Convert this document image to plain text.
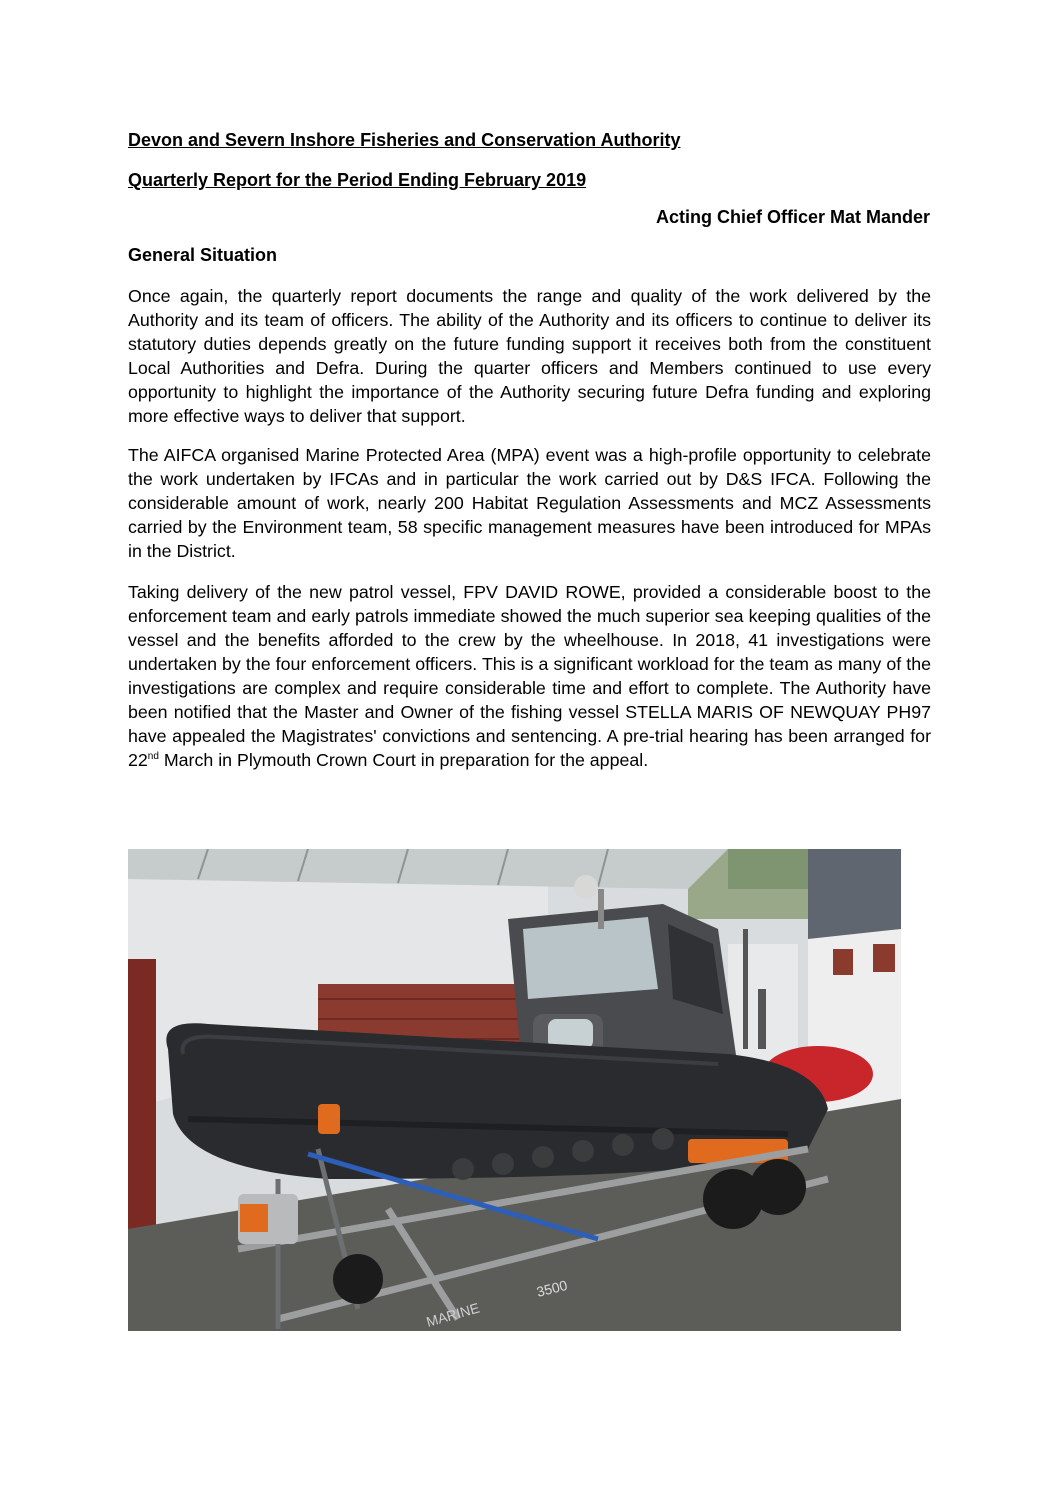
Devon and Severn Inshore Fisheries and Conservation Authority
Quarterly Report for the Period Ending February 2019
Acting Chief Officer Mat Mander
General Situation

Once again, the quarterly report documents the range and quality of the work delivered by the Authority and its team of officers. The ability of the Authority and its officers to continue to deliver its statutory duties depends greatly on the future funding support it receives both from the constituent Local Authorities and Defra. During the quarter officers and Members continued to use every opportunity to highlight the importance of the Authority securing future Defra funding and exploring more effective ways to deliver that support.

The AIFCA organised Marine Protected Area (MPA) event was a high-profile opportunity to celebrate the work undertaken by IFCAs and in particular the work carried out by D&S IFCA. Following the considerable amount of work, nearly 200 Habitat Regulation Assessments and MCZ Assessments carried by the Environment team, 58 specific management measures have been introduced for MPAs in the District.

Taking delivery of the new patrol vessel, FPV DAVID ROWE, provided a considerable boost to the enforcement team and early patrols immediate showed the much superior sea keeping qualities of the vessel and the benefits afforded to the crew by the wheelhouse. In 2018, 41 investigations were undertaken by the four enforcement officers. This is a significant workload for the team as many of the investigations are complex and require considerable time and effort to complete. The Authority have been notified that the Master and Owner of the fishing vessel STELLA MARIS OF NEWQUAY PH97 have appealed the Magistrates' convictions and sentencing. A pre-trial hearing has been arranged for 22nd March in Plymouth Crown Court in preparation for the appeal.

3500
MARINE
